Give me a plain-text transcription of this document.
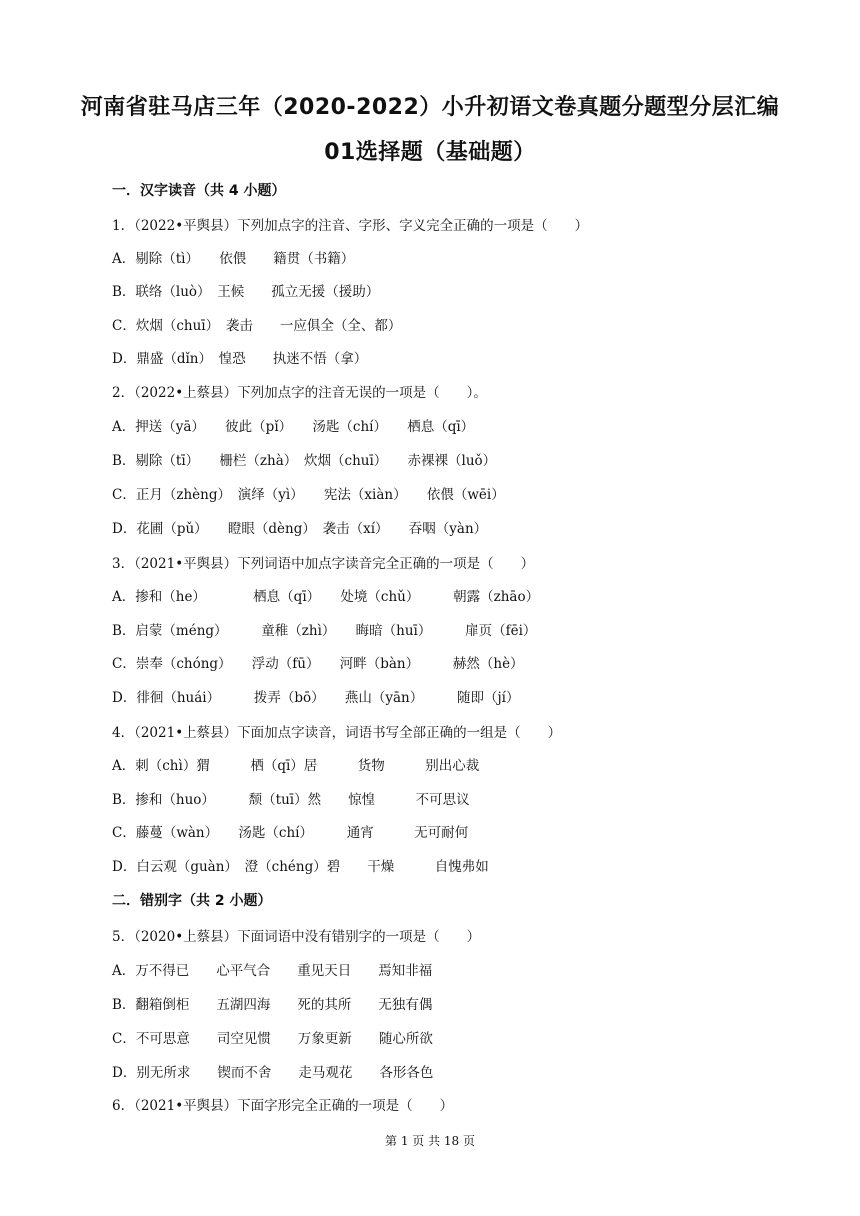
河南省驻马店三年（2020-2022）小升初语文卷真题分题型分层汇编
01选择题（基础题）
一．汉字读音（共 4 小题）
1．（2022•平舆县）下列加点字的注音、字形、字义完全正确的一项是（　　）
A．剔除（tì）　　依偎　　籍贯（书籍）
B．联络（luò）　王候　　孤立无援（援助）
C．炊烟（chuī）　袭击　　一应俱全（全、都）
D．鼎盛（dǐn）　惶恐　　执迷不悟（拿）
2．（2022•上蔡县）下列加点字的注音无误的一项是（　　）。
A．押送（yā）　　彼此（pǐ）　　汤匙（chí）　　栖息（qī）
B．剔除（tī）　　栅栏（zhà）　炊烟（chuī）　　赤裸裸（luǒ）
C．正月（zhèng）　演绎（yì）　　宪法（xiàn）　　依偎（wēi）
D．花圃（pǔ）　　瞪眼（dèng）　袭击（xí）　　吞咽（yàn）
3．（2021•平舆县）下列词语中加点字读音完全正确的一项是（　　）
A．掺和（he）　　　　栖息（qī）　　处境（chǔ）　　　朝露（zhāo）
B．启蒙（méng）　　　童稚（zhì）　　晦暗（huī）　　　扉页（fēi）
C．崇奉（chóng）　　浮动（fū）　　河畔（bàn）　　　赫然（hè）
D．徘徊（huái）　　　拨弄（bō）　　燕山（yān）　　　随即（jí）
4．（2021•上蔡县）下面加点字读音，词语书写全部正确的一组是（　　）
A．刺（chì）猬　　　栖（qī）居　　　货物　　　别出心裁
B．掺和（huo）　　　颓（tuī）然　　惊惶　　　不可思议
C．藤蔓（wàn）　　汤匙（chí）　　　通宵　　　无可耐何
D．白云观（guàn）　澄（chéng）碧　　干燥　　　自愧弗如
二．错别字（共 2 小题）
5．（2020•上蔡县）下面词语中没有错别字的一项是（　　）
A．万不得已　　心平气合　　重见天日　　焉知非福
B．翻箱倒柜　　五湖四海　　死的其所　　无独有偶
C．不可思意　　司空见惯　　万象更新　　随心所欲
D．别无所求　　锲而不舍　　走马观花　　各形各色
6．（2021•平舆县）下面字形完全正确的一项是（　　）
第 1 页 共 18 页
